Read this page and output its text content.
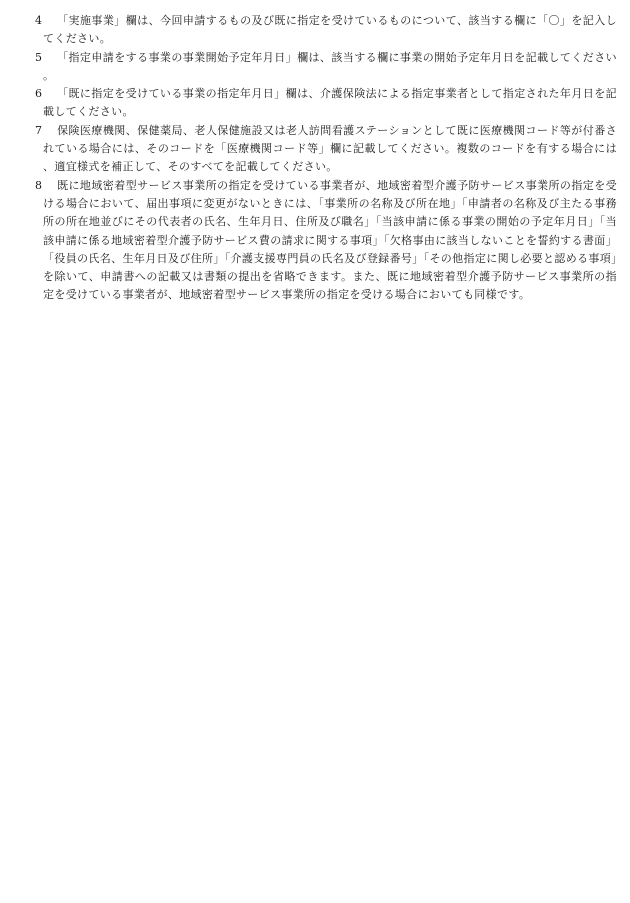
4 「実施事業」欄は、今回申請するもの及び既に指定を受けているものについて、該当する欄に「〇」を記入してください。
5 「指定申請をする事業の事業開始予定年月日」欄は、該当する欄に事業の開始予定年月日を記載してください。
6 「既に指定を受けている事業の指定年月日」欄は、介護保険法による指定事業者として指定された年月日を記載してください。
7 保険医療機関、保健薬局、老人保健施設又は老人訪問看護ステーションとして既に医療機関コード等が付番されている場合には、そのコードを「医療機関コード等」欄に記載してください。複数のコードを有する場合には、適宜様式を補正して、そのすべてを記載してください。
8 既に地域密着型サービス事業所の指定を受けている事業者が、地域密着型介護予防サービス事業所の指定を受ける場合において、届出事項に変更がないときには、「事業所の名称及び所在地」「申請者の名称及び主たる事務所の所在地並びにその代表者の氏名、生年月日、住所及び職名」「当該申請に係る事業の開始の予定年月日」「当該申請に係る地域密着型介護予防サービス費の請求に関する事項」「欠格事由に該当しないことを誓約する書面」「役員の氏名、生年月日及び住所」「介護支援専門員の氏名及び登録番号」「その他指定に関し必要と認める事項」を除いて、申請書への記載又は書類の提出を省略できます。また、既に地域密着型介護予防サービス事業所の指定を受けている事業者が、地域密着型サービス事業所の指定を受ける場合においても同様です。
